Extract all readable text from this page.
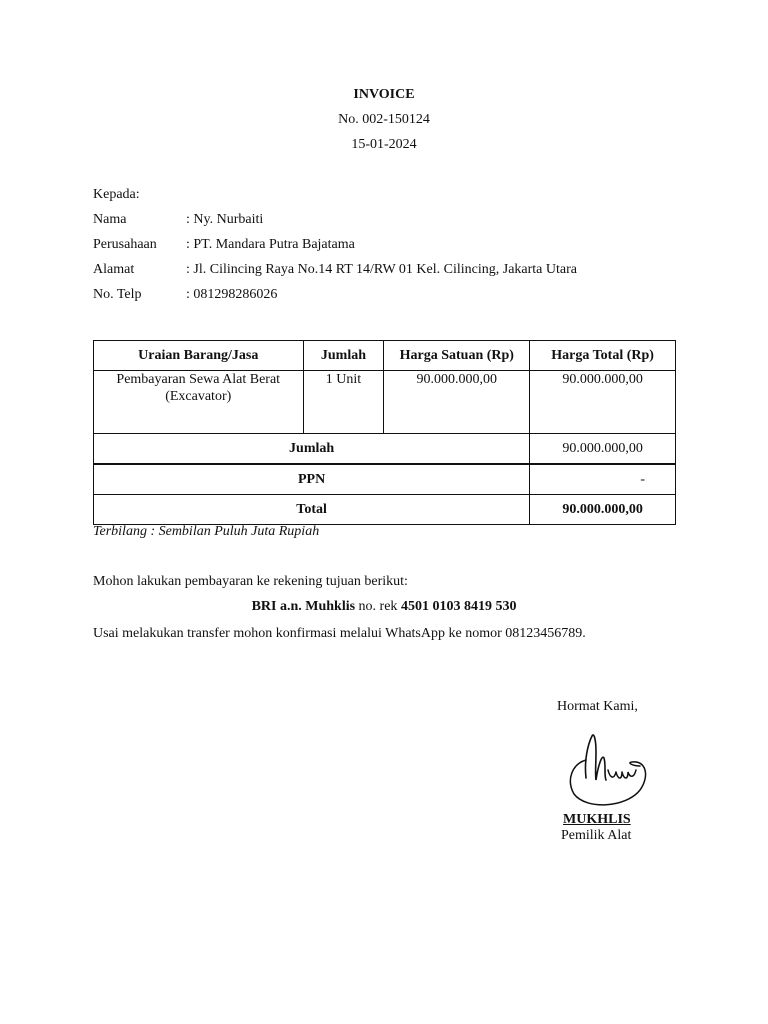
INVOICE
No. 002-150124
15-01-2024
Kepada:
Nama	: Ny. Nurbaiti
Perusahaan : PT. Mandara Putra Bajatama
Alamat	: Jl. Cilincing Raya No.14 RT 14/RW 01 Kel. Cilincing, Jakarta Utara
No. Telp	: 081298286026
Uraian Barang/Jasa	Jumlah	Harga Satuan (Rp)	Harga Total (Rp)

Pembayaran Sewa Alat Berat
(Excavator)	1 Unit	90.000.000,00	90.000.000,00
Jumlah			90.000.000,00
PPN			-
Total			90.000.000,00
Terbilang : Sembilan Puluh Juta Rupiah
Mohon lakukan pembayaran ke rekening tujuan berikut:
BRI a.n. Muhklis no. rek 4501 0103 8419 530
Usai melakukan transfer mohon konfirmasi melalui WhatsApp ke nomor 08123456789.
Hormat Kami,
MUKHLIS
Pemilik Alat
